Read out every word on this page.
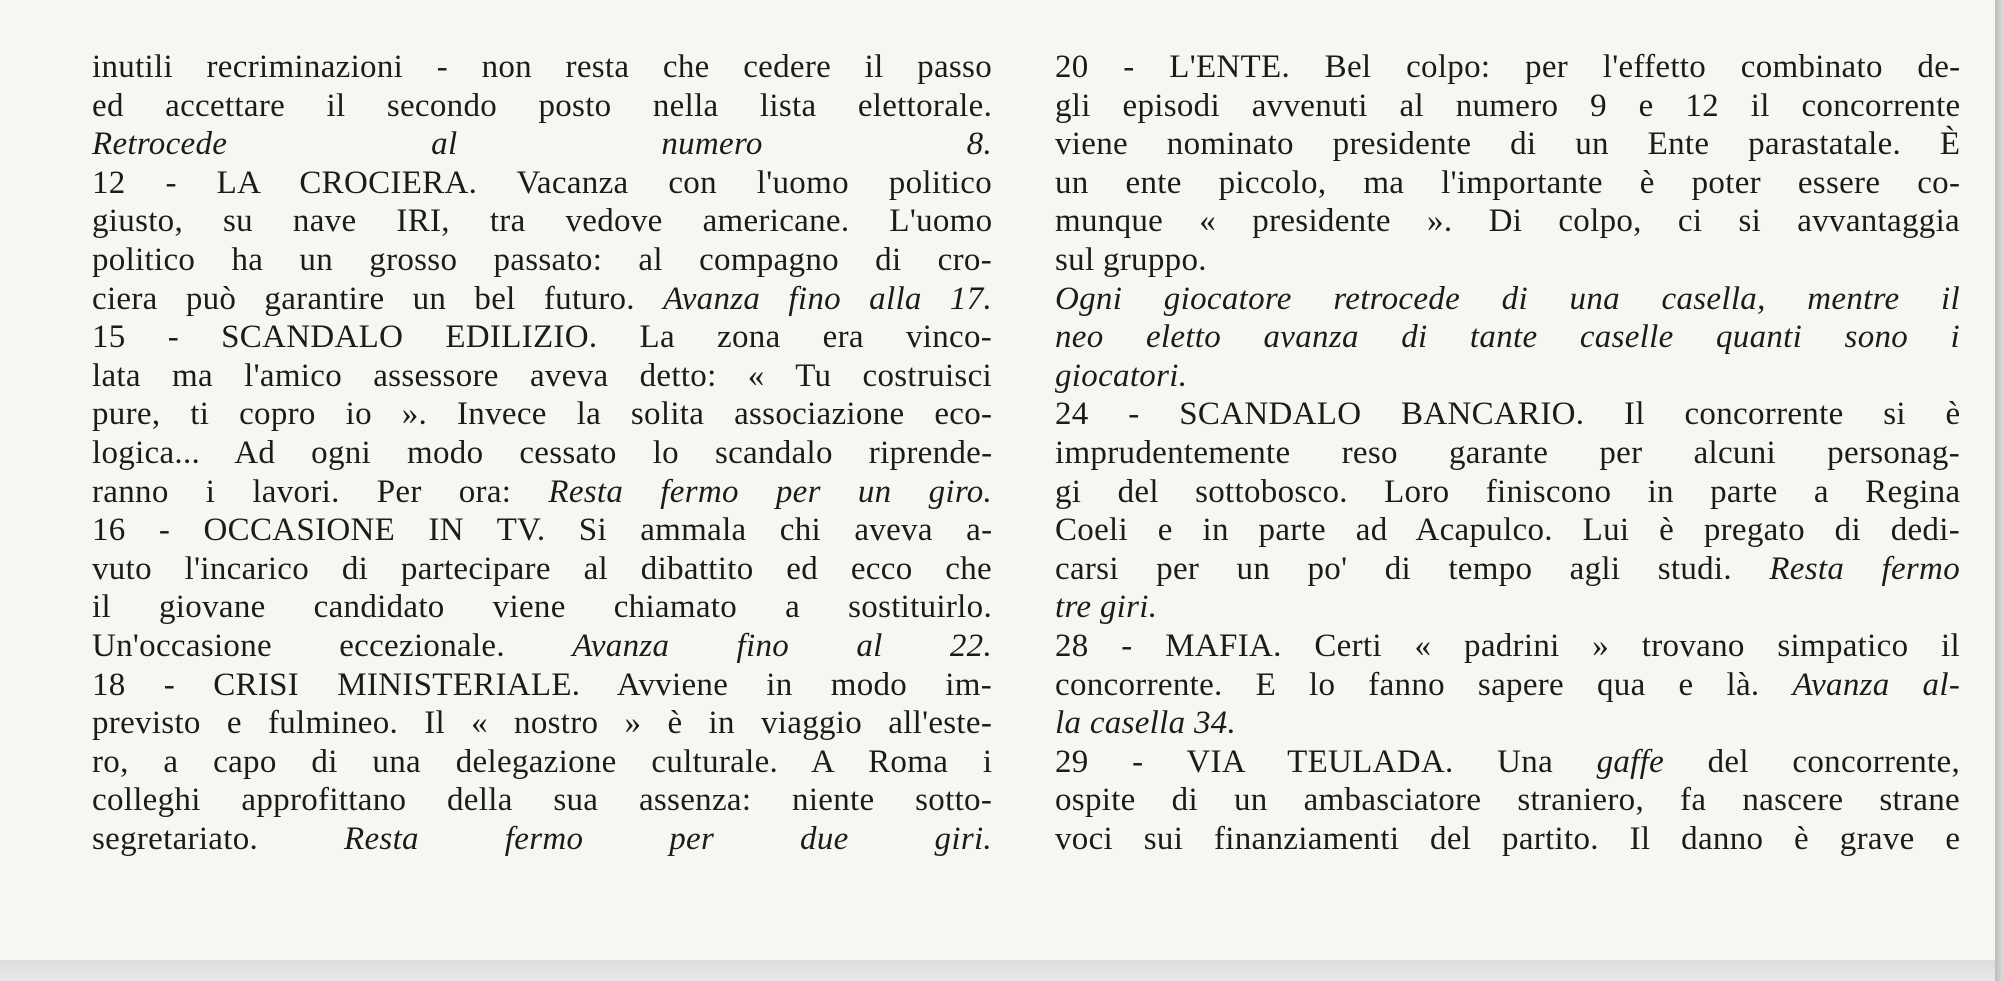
inutili recriminazioni - non resta che cedere il passo
ed accettare il secondo posto nella lista elettorale.
Retrocede al numero 8.
12 - LA CROCIERA. Vacanza con l'uomo politico
giusto, su nave IRI, tra vedove americane. L'uomo
politico ha un grosso passato: al compagno di cro-
ciera può garantire un bel futuro. Avanza fino alla 17.
15 - SCANDALO EDILIZIO. La zona era vinco-
lata ma l'amico assessore aveva detto: « Tu costruisci
pure, ti copro io ». Invece la solita associazione eco-
logica... Ad ogni modo cessato lo scandalo riprende-
ranno i lavori. Per ora: Resta fermo per un giro.
16 - OCCASIONE IN TV. Si ammala chi aveva a-
vuto l'incarico di partecipare al dibattito ed ecco che
il giovane candidato viene chiamato a sostituirlo.
Un'occasione eccezionale. Avanza fino al 22.
18 - CRISI MINISTERIALE. Avviene in modo im-
previsto e fulmineo. Il « nostro » è in viaggio all'este-
ro, a capo di una delegazione culturale. A Roma i
colleghi approfittano della sua assenza: niente sotto-
segretariato. Resta fermo per due giri.
20 - L'ENTE. Bel colpo: per l'effetto combinato de-
gli episodi avvenuti al numero 9 e 12 il concorrente
viene nominato presidente di un Ente parastatale. È
un ente piccolo, ma l'importante è poter essere co-
munque « presidente ». Di colpo, ci si avvantaggia
sul gruppo.
Ogni giocatore retrocede di una casella, mentre il
neo eletto avanza di tante caselle quanti sono i
giocatori.
24 - SCANDALO BANCARIO. Il concorrente si è
imprudentemente reso garante per alcuni personag-
gi del sottobosco. Loro finiscono in parte a Regina
Coeli e in parte ad Acapulco. Lui è pregato di dedi-
carsi per un po' di tempo agli studi. Resta fermo
tre giri.
28 - MAFIA. Certi « padrini » trovano simpatico il
concorrente. E lo fanno sapere qua e là. Avanza al-
la casella 34.
29 - VIA TEULADA. Una gaffe del concorrente,
ospite di un ambasciatore straniero, fa nascere strane
voci sui finanziamenti del partito. Il danno è grave e
